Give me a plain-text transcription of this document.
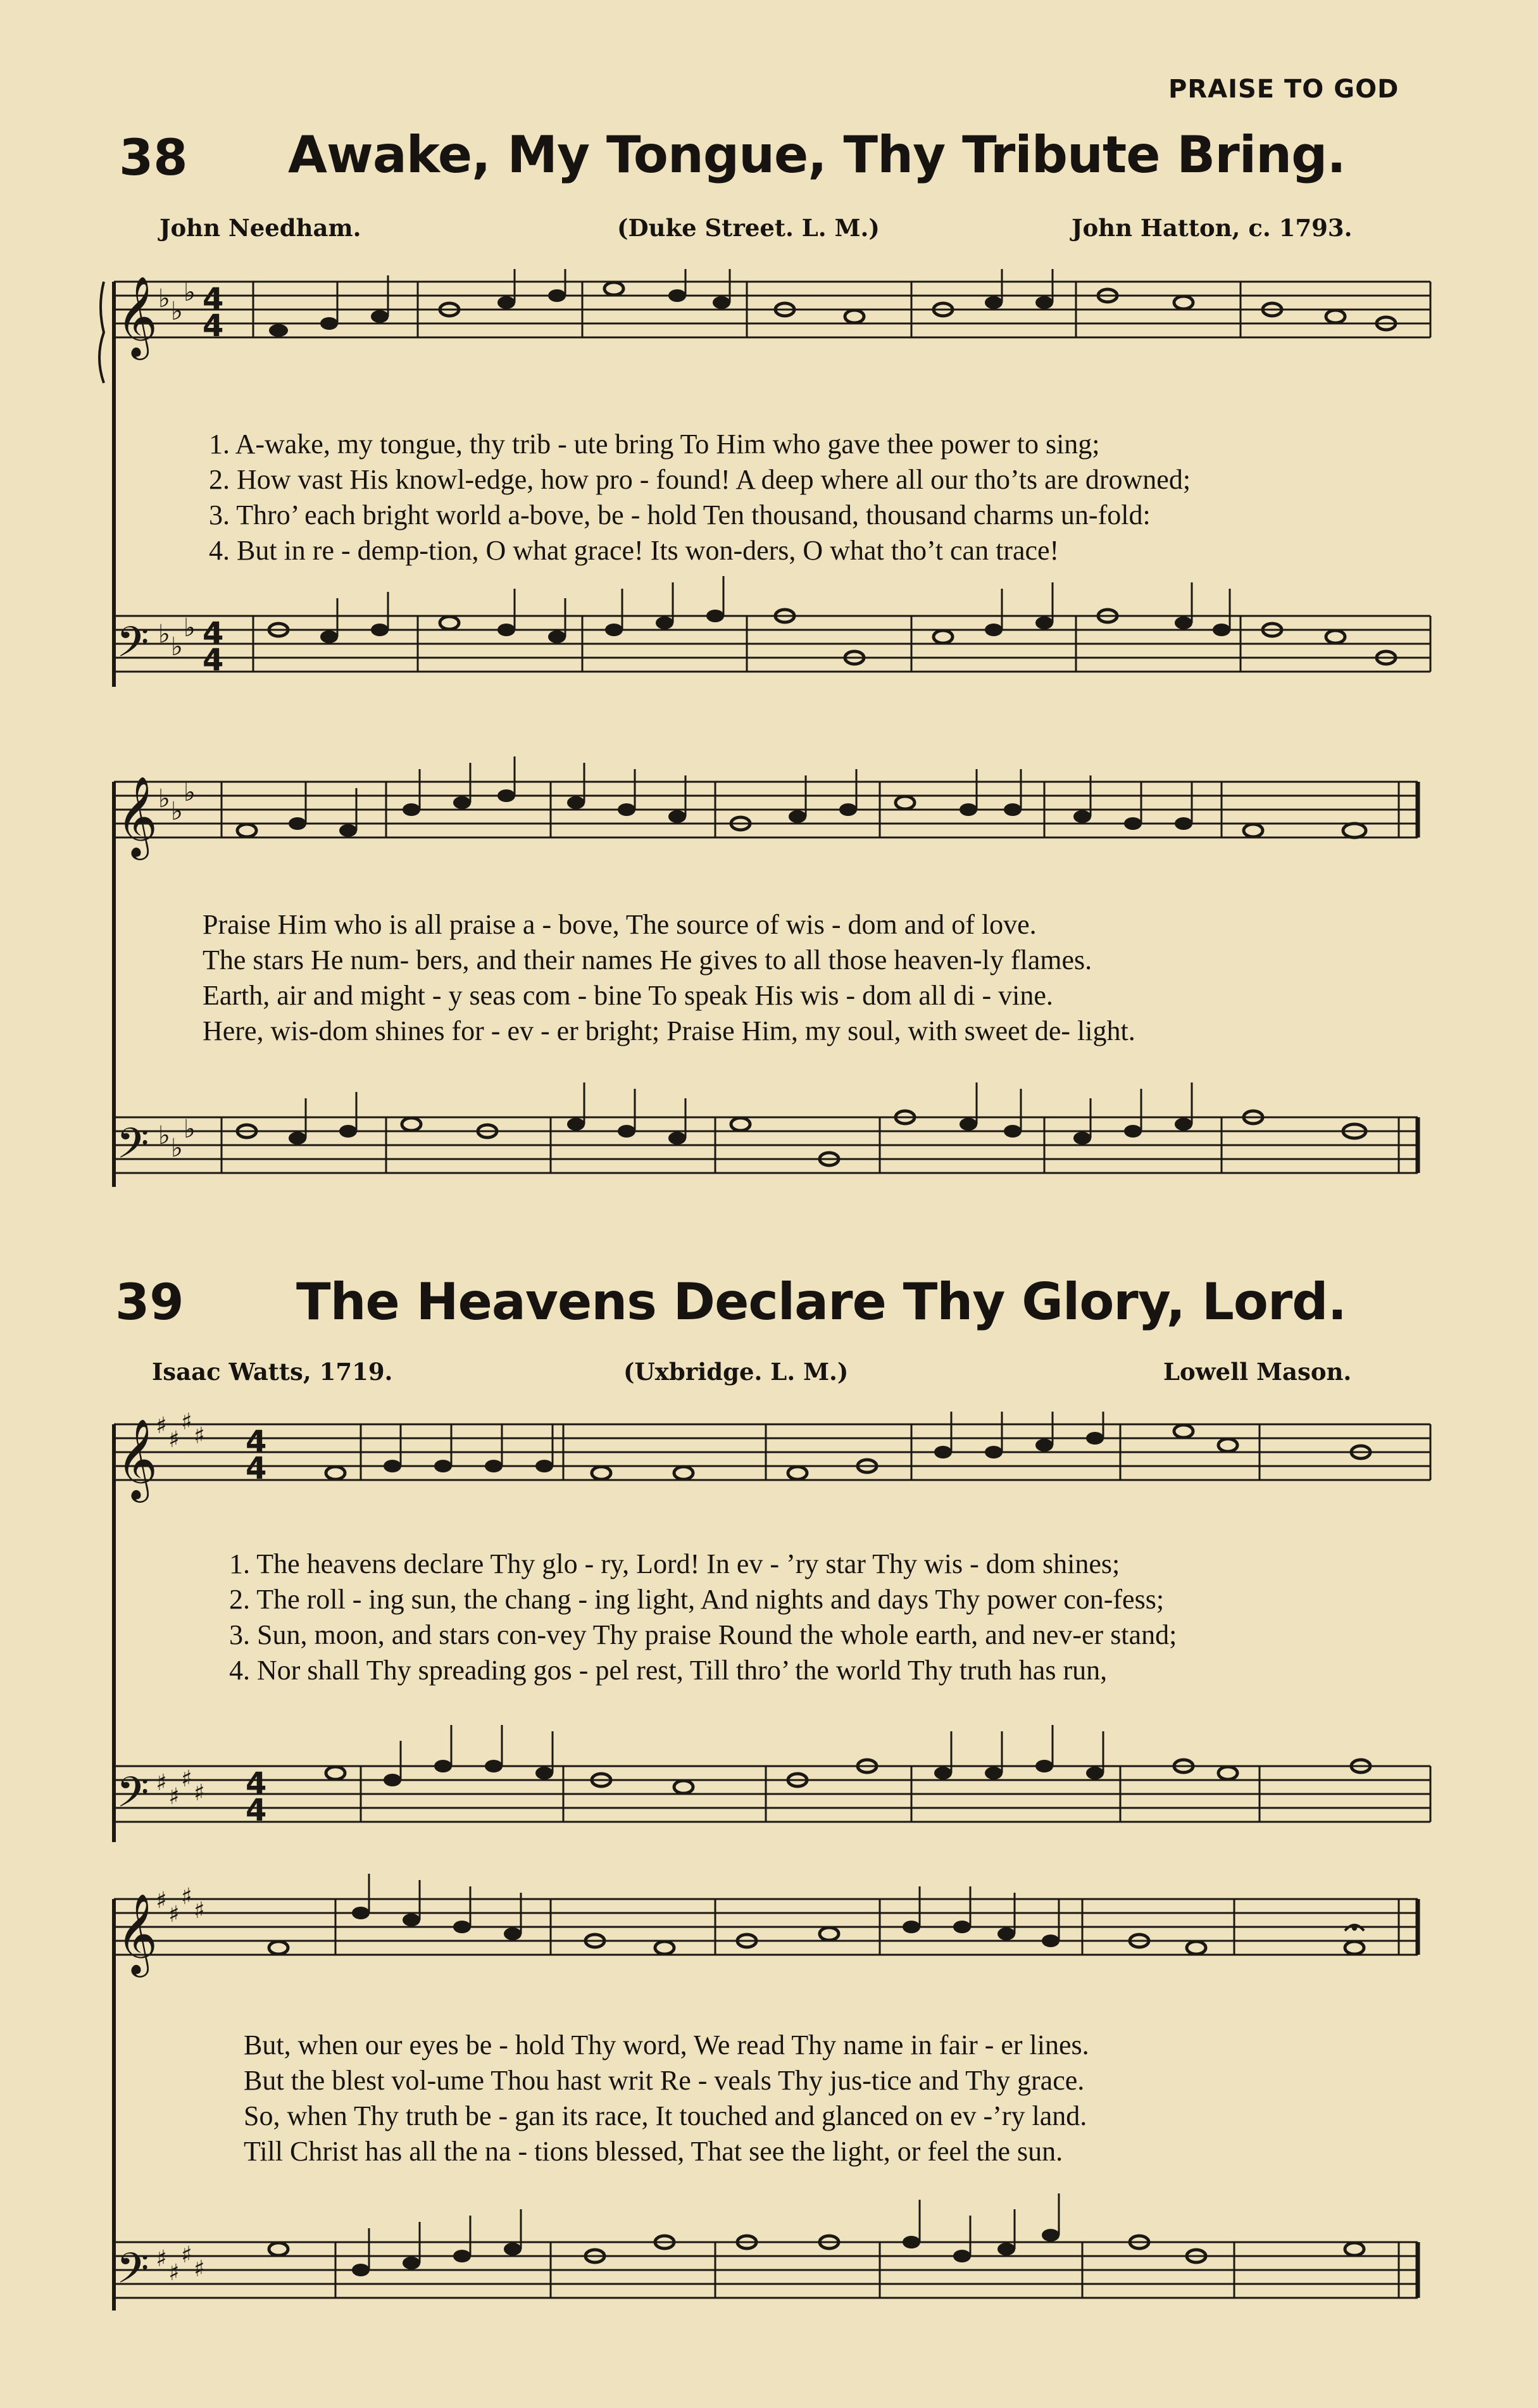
PRAISE TO GOD
38 Awake, My Tongue, Thy Tribute Bring.
John Needham.	(Duke Street. L. M.)	John Hatton, c. 1793.
𝄞
𝄢
♭ ♭
♭
♭ ♭
♭
4
4
4
4
1. A-wake, my tongue, thy trib - ute bring To Him who gave thee power to sing;
2. How vast His knowl-edge, how pro - found! A deep where all our tho’ts are drowned;
3. Thro’ each bright world a-bove, be - hold Ten thousand, thousand charms un-fold:
4. But in re - demp-tion, O what grace! Its won-ders, O what tho’t can trace!
𝄞
𝄢
♭ ♭
♭
♭ ♭
♭
Praise Him who is all praise a - bove, The source of wis - dom and of love.
The stars He num- bers, and their names He gives to all those heaven-ly flames.
Earth, air and might - y seas com - bine To speak His wis - dom all di - vine.
Here, wis-dom shines for - ev - er bright; Praise Him, my soul, with sweet de- light.
39 The Heavens Declare Thy Glory, Lord.
Isaac Watts, 1719.	(Uxbridge. L. M.)	Lowell Mason.
𝄞
𝄢
♯
♯
♯
♯
♯
♯
♯
♯
4
4
4
4
1. The heavens declare Thy glo - ry, Lord! In ev - ’ry star Thy wis - dom shines;
2. The roll - ing sun, the chang - ing light, And nights and days Thy power con-fess;
3. Sun, moon, and stars con-vey Thy praise Round the whole earth, and nev-er stand;
4. Nor shall Thy spreading gos - pel rest, Till thro’ the world Thy truth has run,
𝄞
𝄢
♯
♯
♯
♯
♯
♯
♯
♯
But, when our eyes be - hold Thy word, We read Thy name in fair - er lines.
But the blest vol-ume Thou hast writ Re - veals Thy jus-tice and Thy grace.
So, when Thy truth be - gan its race, It touched and glanced on ev -’ry land.
Till Christ has all the na - tions blessed, That see the light, or feel the sun.
